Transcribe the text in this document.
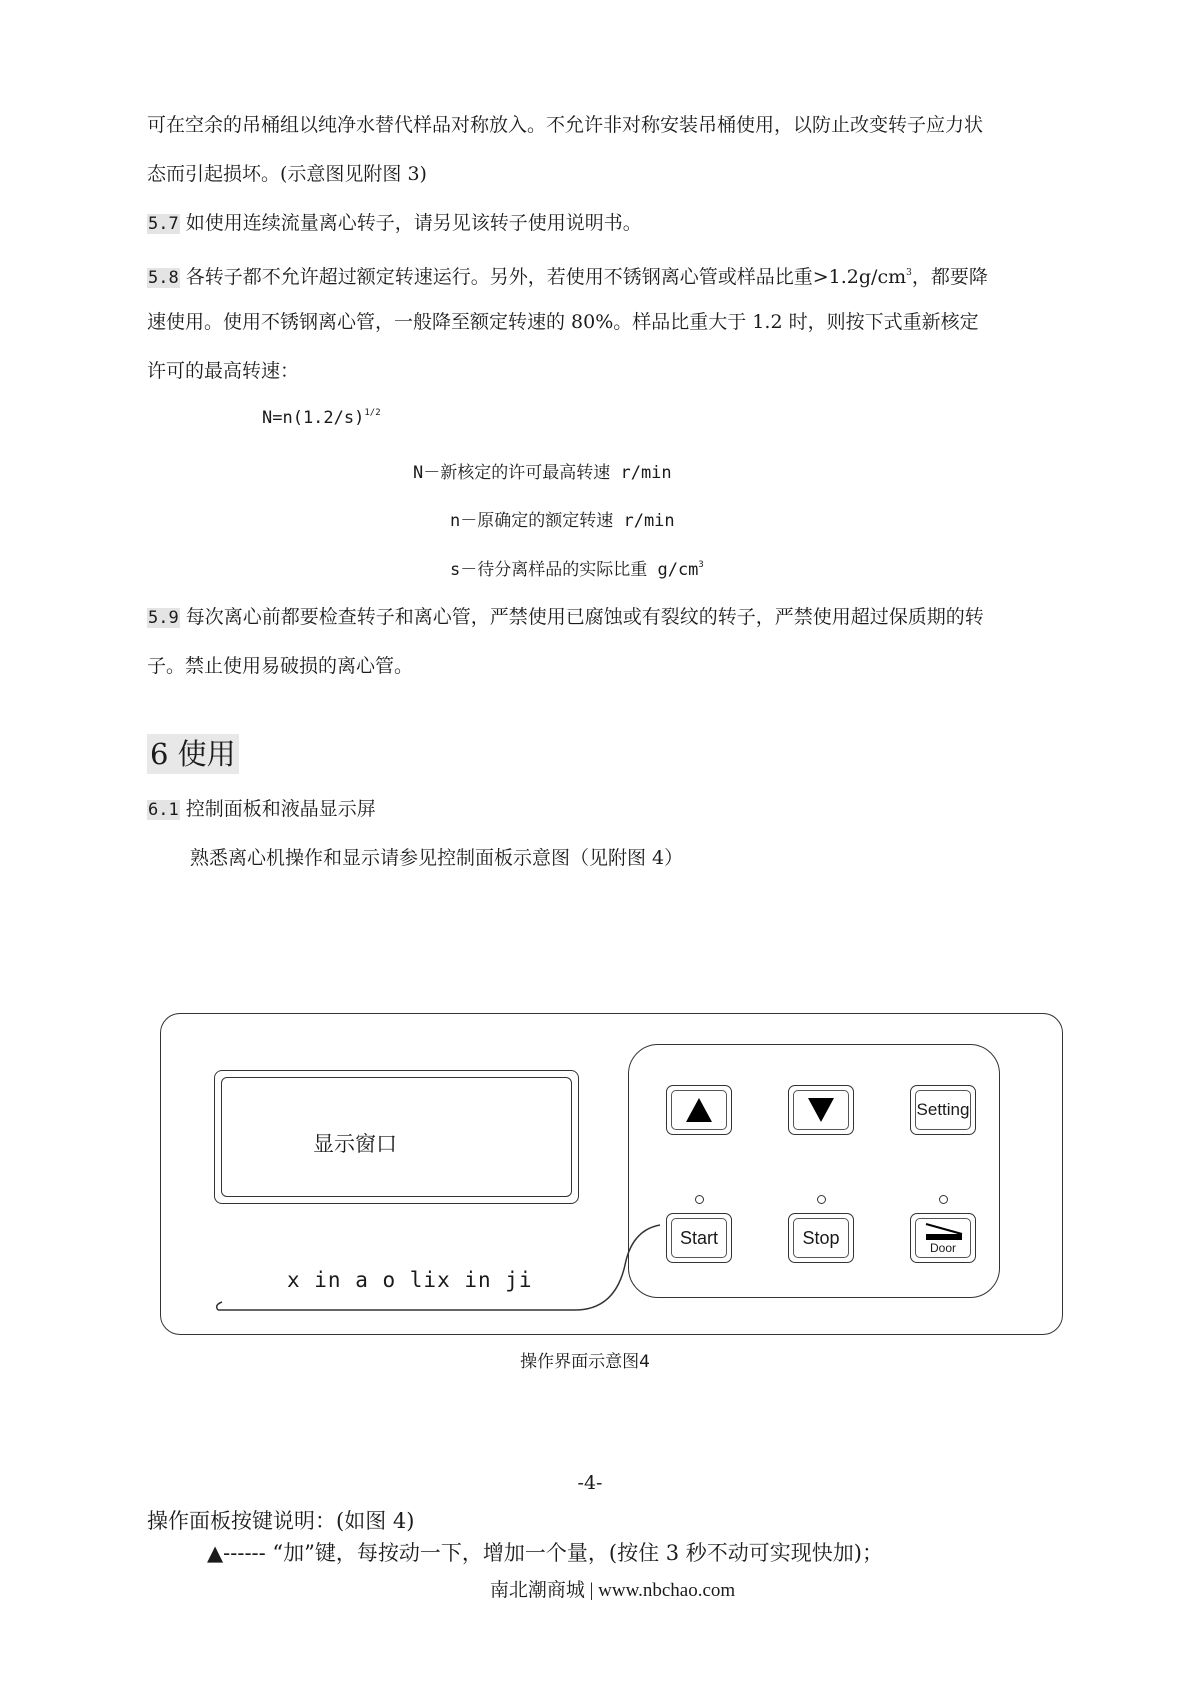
可在空余的吊桶组以纯净水替代样品对称放入。不允许非对称安装吊桶使用，以防止改变转子应力状
态而引起损坏。(示意图见附图 3)
5.7 如使用连续流量离心转子，请另见该转子使用说明书。
5.8 各转子都不允许超过额定转速运行。另外，若使用不锈钢离心管或样品比重$>1.2g/cm^3$，都要降
速使用。使用不锈钢离心管，一般降至额定转速的 80%。样品比重大于 1.2 时，则按下式重新核定
许可的最高转速：
$N=n(1.2/s)^{1/2}$
N－新核定的许可最高转速 r/min
n－原确定的额定转速 r/min
s－待分离样品的实际比重 $g/cm^3$
5.9 每次离心前都要检查转子和离心管，严禁使用已腐蚀或有裂纹的转子，严禁使用超过保质期的转
子。禁止使用易破损的离心管。
6 使用
6.1 控制面板和液晶显示屏
熟悉离心机操作和显示请参见控制面板示意图（见附图 4）
显示窗口
x in a o lix in ji
Setting
Start	Stop
Door
操作界面示意图4
-4-
操作面板按键说明：(如图 4)
▲------ “加”键，每按动一下，增加一个量，(按住 3 秒不动可实现快加)；
南北潮商城 | www.nbchao.com
